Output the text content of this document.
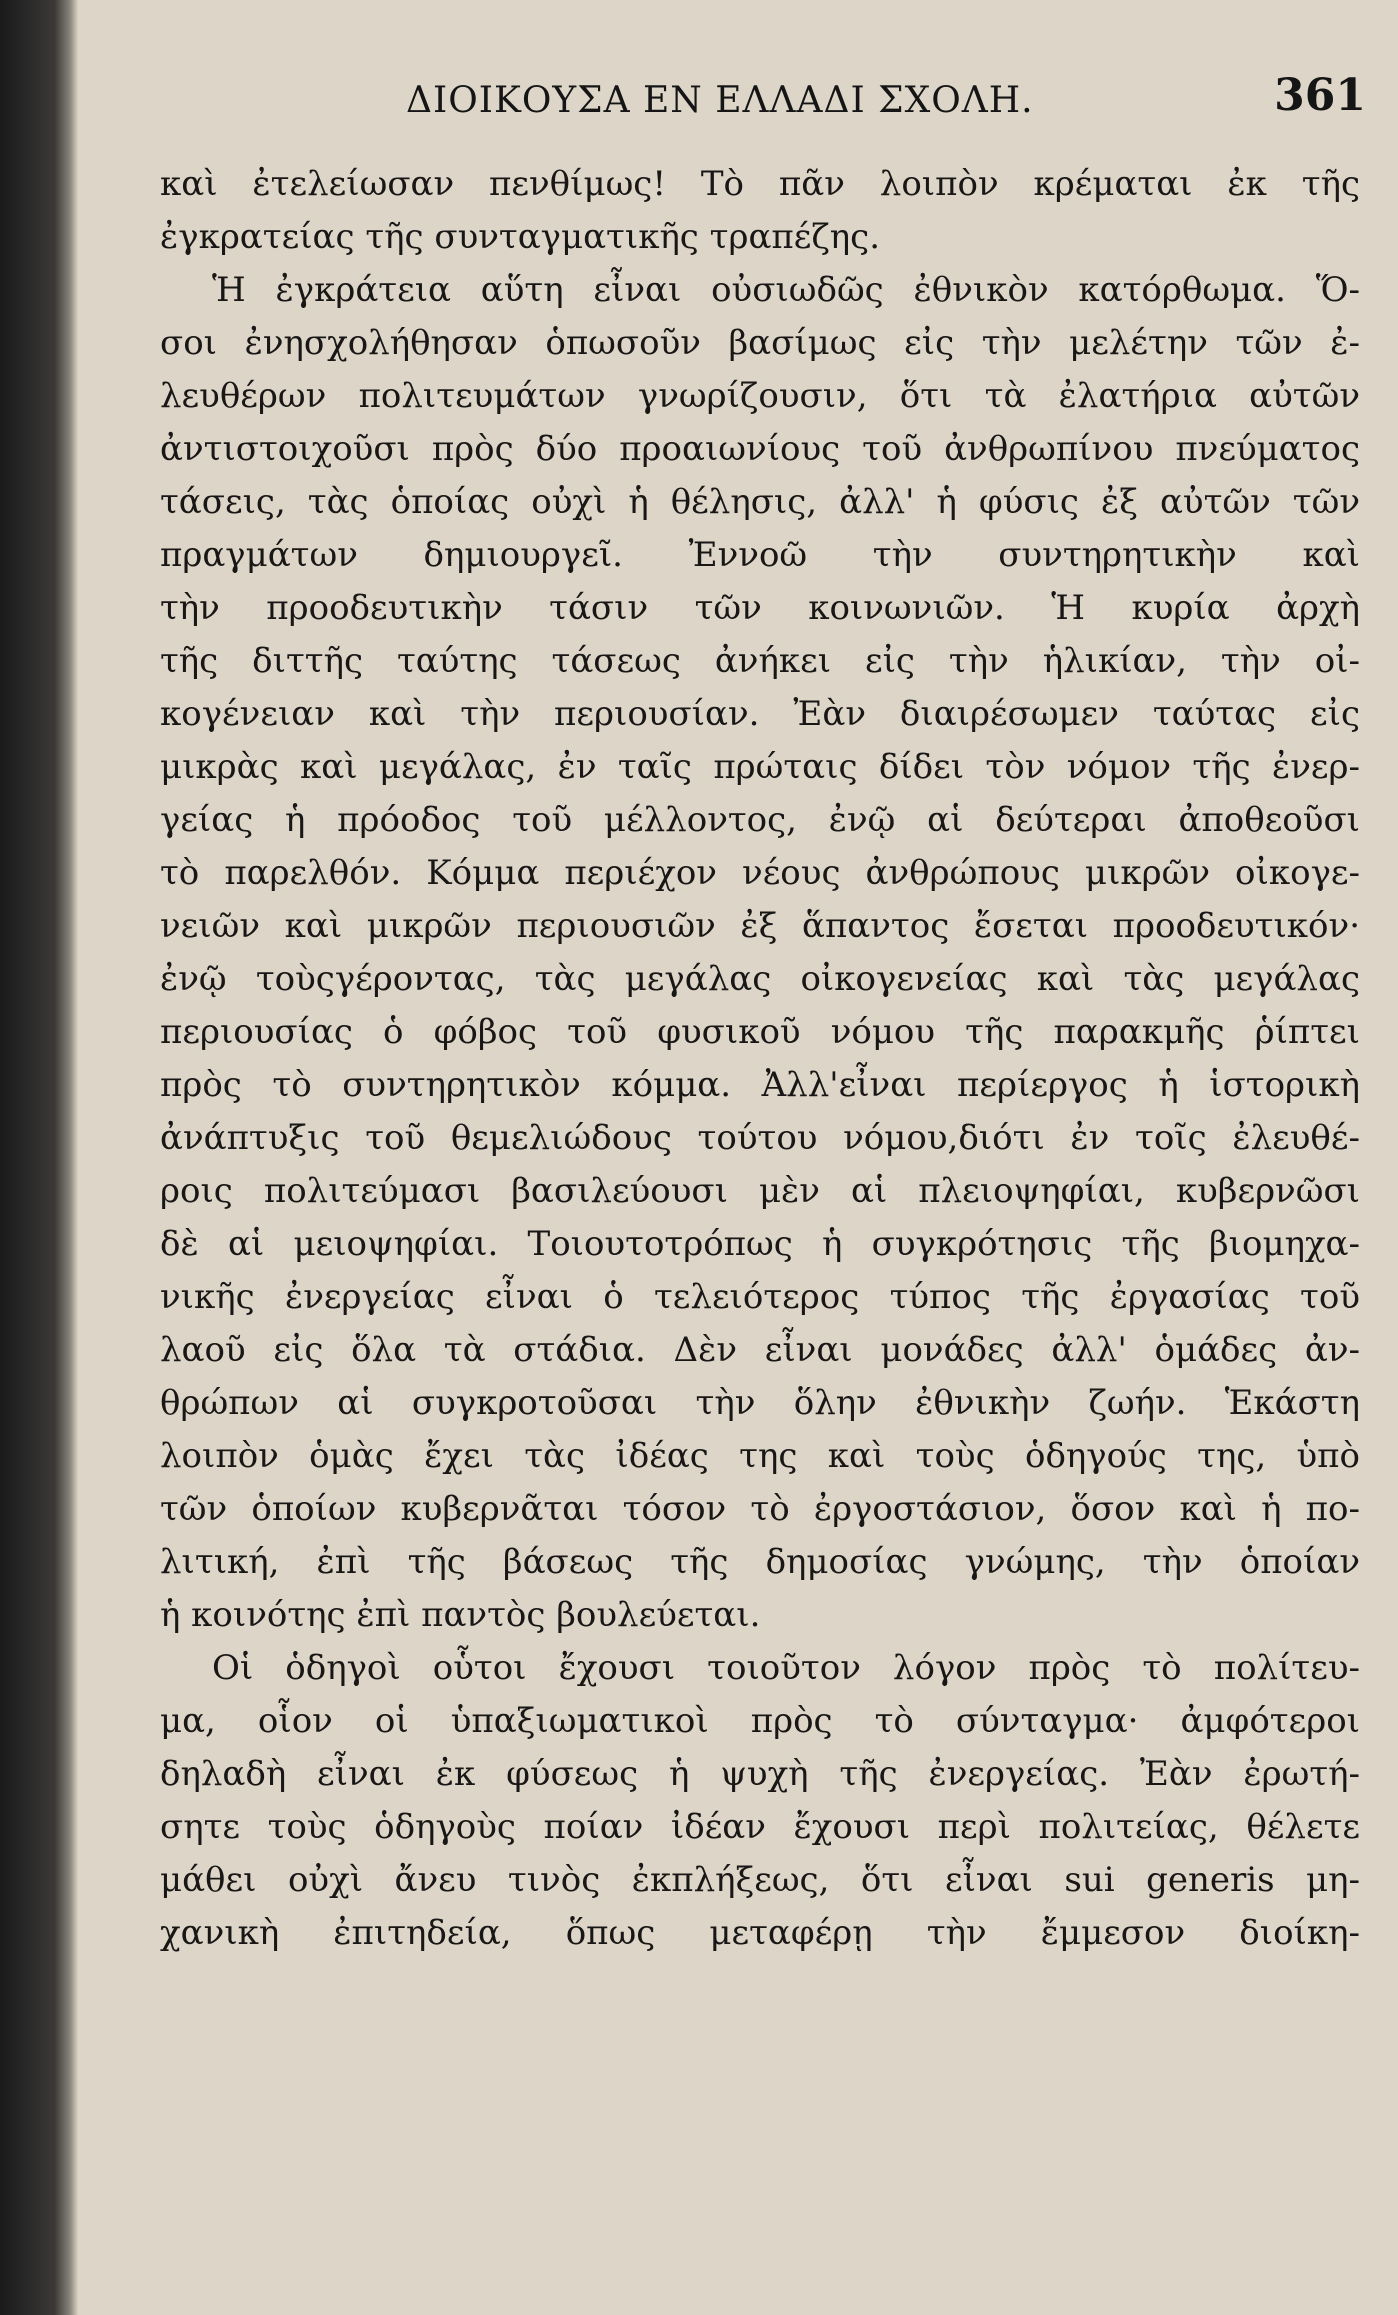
ΔΙΟΙΚΟΥΣΑ ΕΝ ΕΛΛΑΔΙ ΣΧΟΛΗ.	361
καὶ ἐτελείωσαν πενθίμως! Τὸ πᾶν λοιπὸν κρέμαται ἐκ τῆς
ἐγκρατείας τῆς συνταγματικῆς τραπέζης.
Ἡ ἐγκράτεια αὕτη εἶναι οὐσιωδῶς ἐθνικὸν κατόρθωμα. Ὅ-
σοι ἐνησχολήθησαν ὁπωσοῦν βασίμως εἰς τὴν μελέτην τῶν ἐ-
λευθέρων πολιτευμάτων γνωρίζουσιν, ὅτι τὰ ἐλατήρια αὐτῶν
ἀντιστοιχοῦσι πρὸς δύο προαιωνίους τοῦ ἀνθρωπίνου πνεύματος
τάσεις, τὰς ὁποίας οὐχὶ ἡ θέλησις, ἀλλ' ἡ φύσις ἐξ αὐτῶν τῶν
πραγμάτων δημιουργεῖ. Ἐννοῶ τὴν συντηρητικὴν καὶ
τὴν προοδευτικὴν τάσιν τῶν κοινωνιῶν. Ἡ κυρία ἀρχὴ
τῆς διττῆς ταύτης τάσεως ἀνήκει εἰς τὴν ἡλικίαν, τὴν οἰ-
κογένειαν καὶ τὴν περιουσίαν. Ἐὰν διαιρέσωμεν ταύτας εἰς
μικρὰς καὶ μεγάλας, ἐν ταῖς πρώταις δίδει τὸν νόμον τῆς ἐνερ-
γείας ἡ πρόοδος τοῦ μέλλοντος, ἐνῷ αἱ δεύτεραι ἀποθεοῦσι
τὸ παρελθόν. Κόμμα περιέχον νέους ἀνθρώπους μικρῶν οἰκογε-
νειῶν καὶ μικρῶν περιουσιῶν ἐξ ἅπαντος ἔσεται προοδευτικόν·
ἐνῷ τοὺςγέροντας, τὰς μεγάλας οἰκογενείας καὶ τὰς μεγάλας
περιουσίας ὁ φόβος τοῦ φυσικοῦ νόμου τῆς παρακμῆς ῥίπτει
πρὸς τὸ συντηρητικὸν κόμμα. Ἀλλ'εἶναι περίεργος ἡ ἱστορικὴ
ἀνάπτυξις τοῦ θεμελιώδους τούτου νόμου,διότι ἐν τοῖς ἐλευθέ-
ροις πολιτεύμασι βασιλεύουσι μὲν αἱ πλειοψηφίαι, κυβερνῶσι
δὲ αἱ μειοψηφίαι. Τοιουτοτρόπως ἡ συγκρότησις τῆς βιομηχα-
νικῆς ἐνεργείας εἶναι ὁ τελειότερος τύπος τῆς ἐργασίας τοῦ
λαοῦ εἰς ὅλα τὰ στάδια. Δὲν εἶναι μονάδες ἀλλ' ὁμάδες ἀν-
θρώπων αἱ συγκροτοῦσαι τὴν ὅλην ἐθνικὴν ζωήν. Ἑκάστη
λοιπὸν ὁμὰς ἔχει τὰς ἰδέας της καὶ τοὺς ὁδηγούς της, ὑπὸ
τῶν ὁποίων κυβερνᾶται τόσον τὸ ἐργοστάσιον, ὅσον καὶ ἡ πο-
λιτική, ἐπὶ τῆς βάσεως τῆς δημοσίας γνώμης, τὴν ὁποίαν
ἡ κοινότης ἐπὶ παντὸς βουλεύεται.
Οἱ ὁδηγοὶ οὗτοι ἔχουσι τοιοῦτον λόγον πρὸς τὸ πολίτευ-
μα, οἷον οἱ ὑπαξιωματικοὶ πρὸς τὸ σύνταγμα· ἀμφότεροι
δηλαδὴ εἶναι ἐκ φύσεως ἡ ψυχὴ τῆς ἐνεργείας. Ἐὰν ἐρωτή-
σητε τοὺς ὁδηγοὺς ποίαν ἰδέαν ἔχουσι περὶ πολιτείας, θέλετε
μάθει οὐχὶ ἄνευ τινὸς ἐκπλήξεως, ὅτι εἶναι sui generis μη-
χανικὴ ἐπιτηδεία, ὅπως μεταφέρῃ τὴν ἔμμεσον διοίκη-
